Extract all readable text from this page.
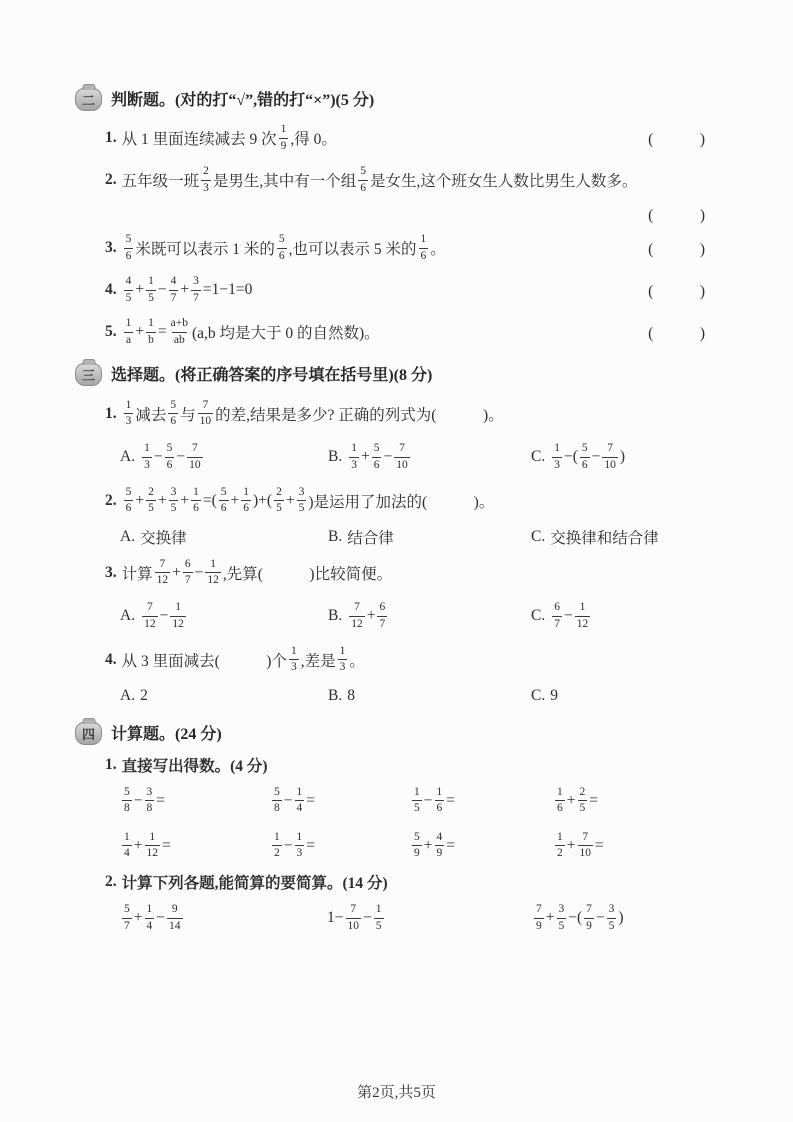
二	判断题。(对的打“√”,错的打“×”)(5 分)
1. 从 1 里面连续减去 9 次 $\frac{1}{9}$ ,得 0。	(　　　)
2. 五年级一班 $\frac{2}{3}$ 是男生,其中有一个组 $\frac{5}{6}$ 是女生,这个班女生人数比男生人数多。
(　　　)
3. $\frac{5}{6}$ 米既可以表示 1 米的 $\frac{5}{6}$ ,也可以表示 5 米的 $\frac{1}{6}$ 。	(　　　)
4. $\frac{4}{5} + \frac{1}{5} - \frac{4}{7} + \frac{3}{7} =1-1=0$	(　　　)
5. $\frac{1}{a} + \frac{1}{b} = \frac{a+b}{ab} (a,b$ 均是大于 0 的自然数)。	(　　　)
三	选择题。(将正确答案的序号填在括号里)(8 分)
1. $\frac{1}{3}$ 减去 $\frac{5}{6}$ 与 $\frac{7}{10}$ 的差,结果是多少? 正确的列式为(　　　)。
A. $\frac{1}{3} - \frac{5}{6} - \frac{7}{10}$	B. $\frac{1}{3} + \frac{5}{6} - \frac{7}{10}$	C. $\frac{1}{3}$ −( $\frac{5}{6} - \frac{7}{10}$ )
2. $\frac{5}{6} + \frac{2}{5} + \frac{3}{5} + \frac{1}{6}$ =( $\frac{5}{6} + \frac{1}{6}$ )+( $\frac{2}{5} + \frac{3}{5}$ )是运用了加法的(　　　)。
A. 交换律	B. 结合律	C. 交换律和结合律
3. 计算 $\frac{7}{12} + \frac{6}{7} - \frac{1}{12}$ ,先算(　　　)比较简便。
A. $\frac{7}{12} - \frac{1}{12}$	B. $\frac{7}{12} + \frac{6}{7}$	C. $\frac{6}{7} - \frac{1}{12}$
4. 从 3 里面减去(　　　)个 $\frac{1}{3}$ ,差是 $\frac{1}{3}$ 。
A. 2	B. 8	C. 9
四	计算题。(24 分)
1. 直接写出得数。(4 分)
$\frac{5}{8} - \frac{3}{8}$ =	$\frac{5}{8} - \frac{1}{4}$ =	$\frac{1}{5} - \frac{1}{6}$ =	$\frac{1}{6} + \frac{2}{5}$ =
$\frac{1}{4} + \frac{1}{12}$ =	$\frac{1}{2} - \frac{1}{3}$ =	$\frac{5}{9} + \frac{4}{9}$ =	$\frac{1}{2} + \frac{7}{10}$ =
2. 计算下列各题,能简算的要简算。(14 分)
$\frac{5}{7} + \frac{1}{4} - \frac{9}{14}$	$1- \frac{7}{10} - \frac{1}{5}$	$\frac{7}{9} + \frac{3}{5}$ −( $\frac{7}{9} - \frac{3}{5}$ )
第2页,共5页
